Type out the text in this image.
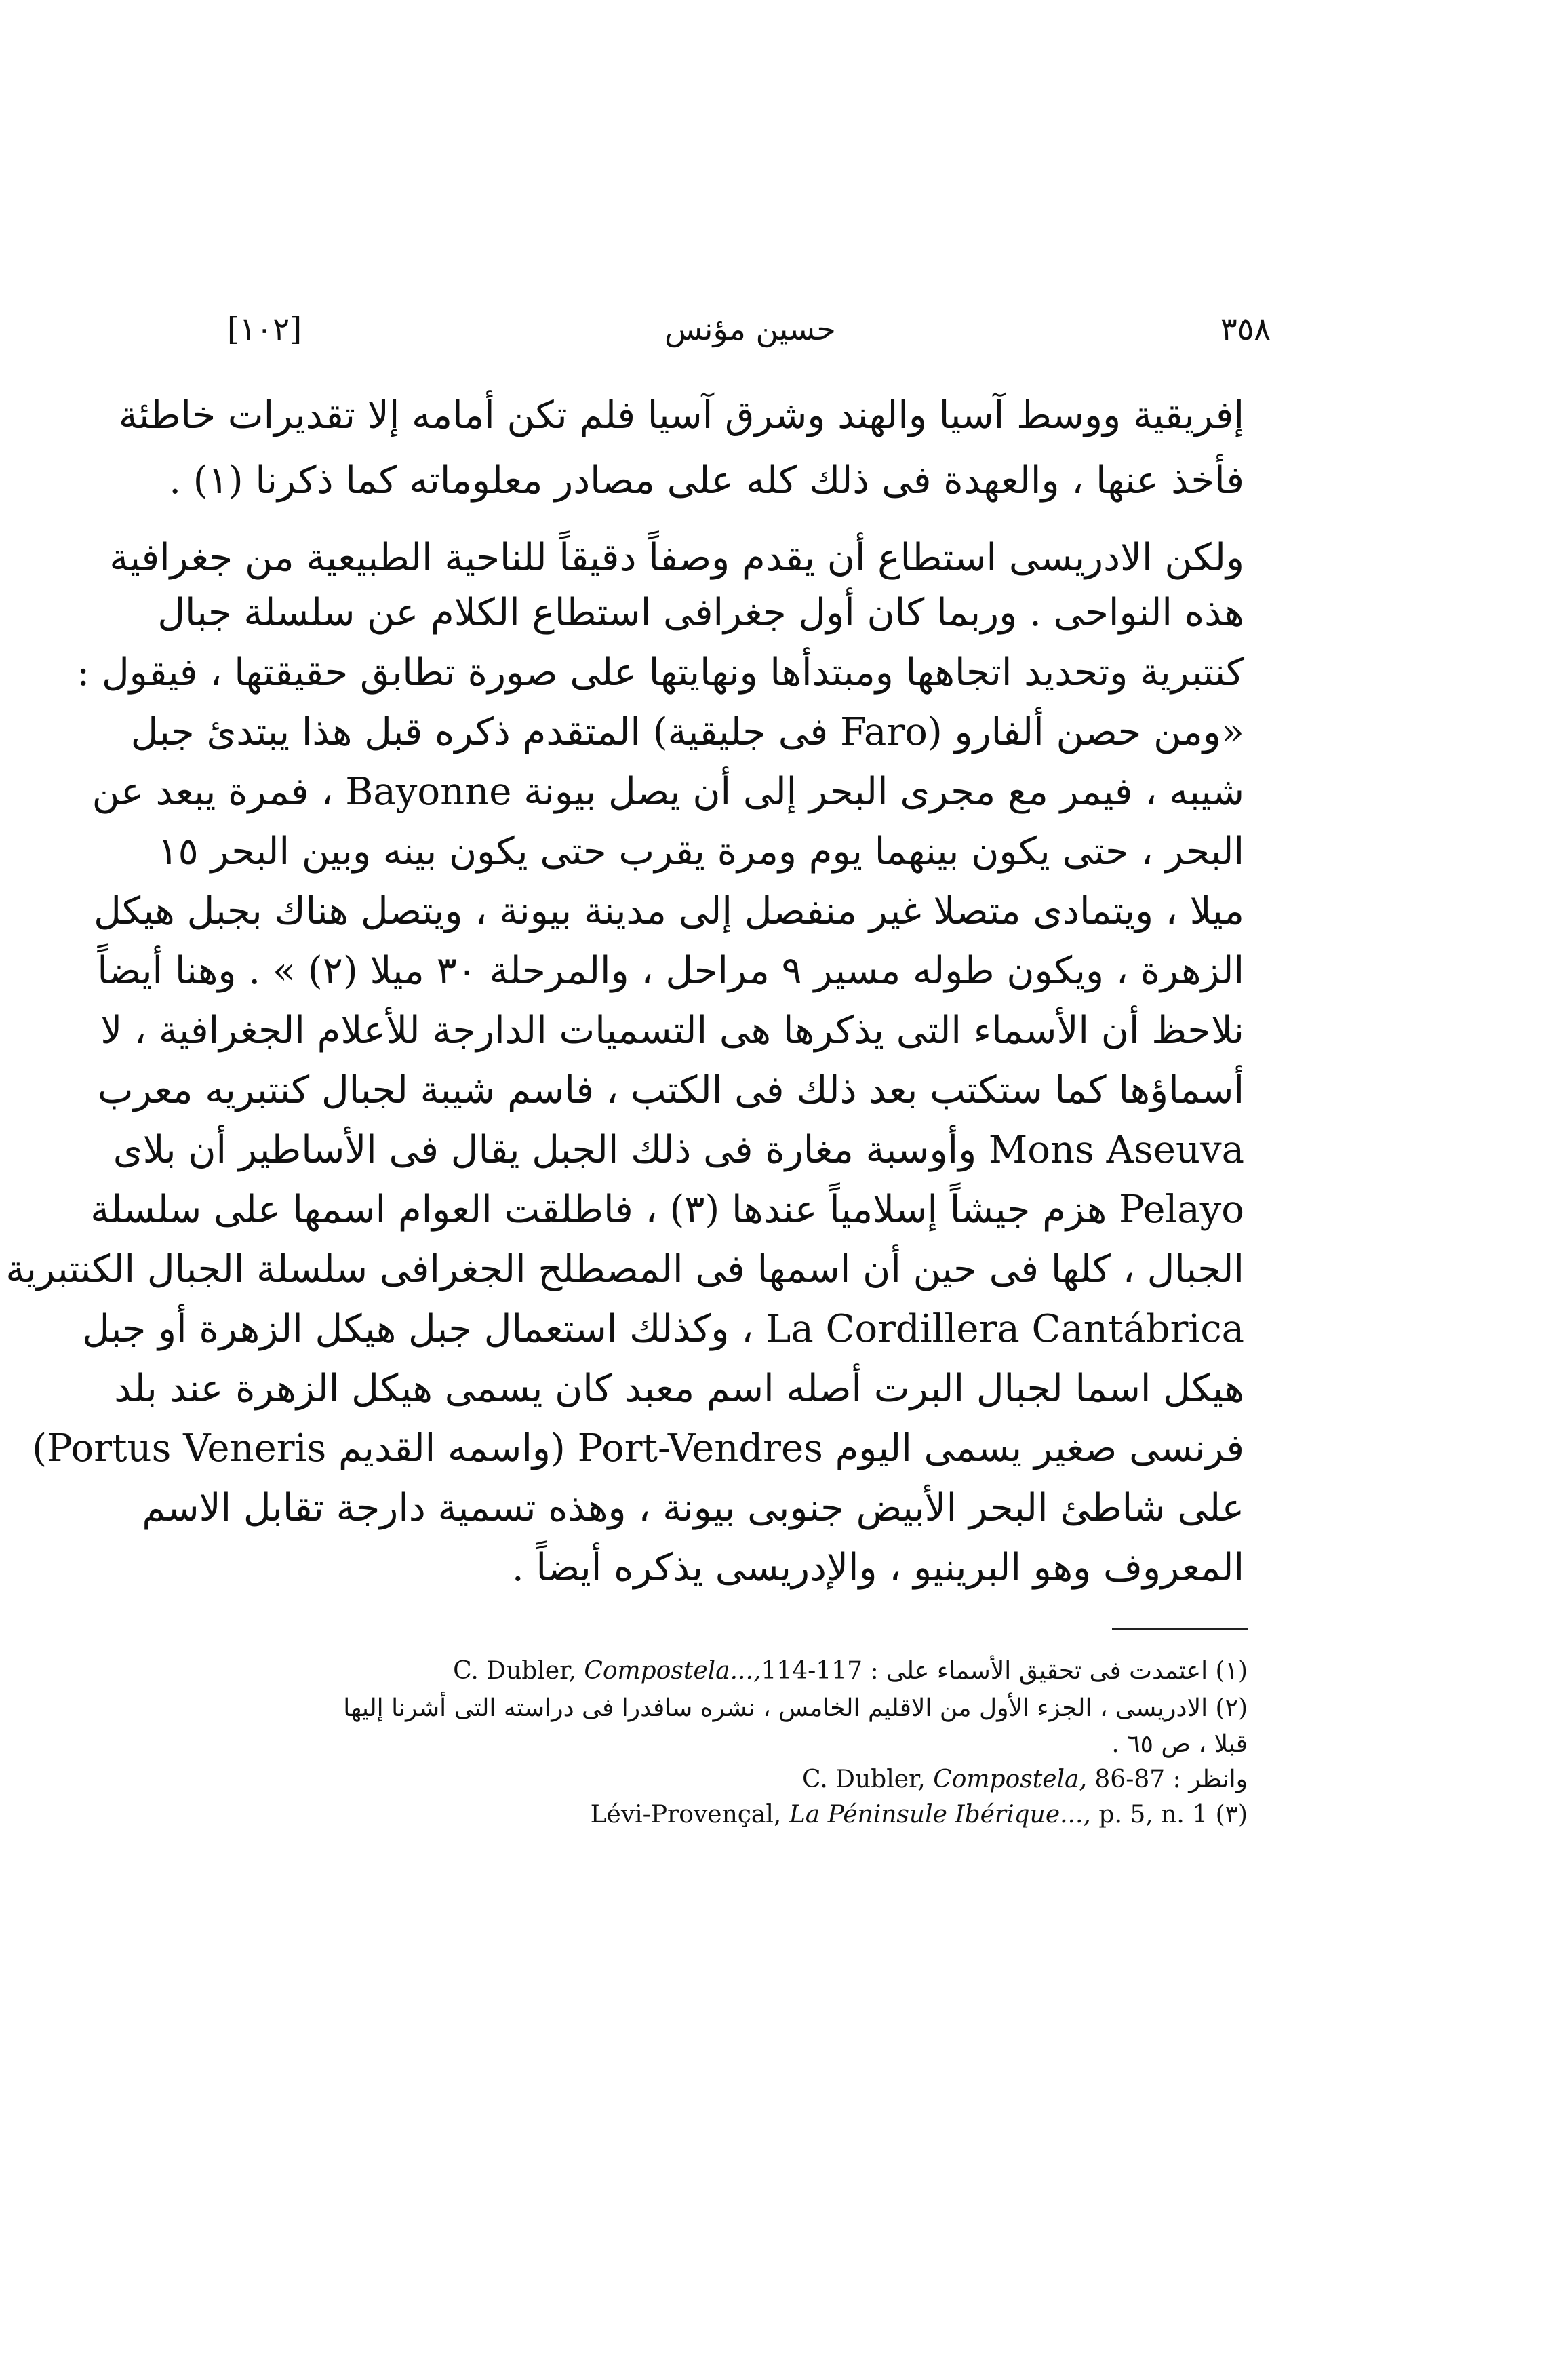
[١٠٢]	حسين مؤنس	٣٥٨
إفريقية ووسط آسيا والهند وشرق آسيا فلم تكن أمامه إلا تقديرات خاطئة
فأخذ عنها ، والعهدة فى ذلك كله على مصادر معلوماته كما ذكرنا (١) .
ولكن الادريسى استطاع أن يقدم وصفاً دقيقاً للناحية الطبيعية من جغرافية
هذه النواحى . وربما كان أول جغرافى استطاع الكلام عن سلسلة جبال
كنتبرية وتحديد اتجاهها ومبتدأها ونهايتها على صورة تطابق حقيقتها ، فيقول :
«ومن حصن ألفارو (Faro فى جليقية) المتقدم ذكره قبل هذا يبتدئ جبل
شيبه ، فيمر مع مجرى البحر إلى أن يصل بيونة Bayonne ، فمرة يبعد عن
البحر ، حتى يكون بينهما يوم ومرة يقرب حتى يكون بينه وبين البحر ١٥
ميلا ، ويتمادى متصلا غير منفصل إلى مدينة بيونة ، ويتصل هناك بجبل هيكل
الزهرة ، ويكون طوله مسير ٩ مراحل ، والمرحلة ٣٠ ميلا (٢) » . وهنا أيضاً
نلاحظ أن الأسماء التى يذكرها هى التسميات الدارجة للأعلام الجغرافية ، لا
أسماؤها كما ستكتب بعد ذلك فى الكتب ، فاسم شيبة لجبال كنتبريه معرب
Mons Aseuva وأوسبة مغارة فى ذلك الجبل يقال فى الأساطير أن بلاى
Pelayo هزم جيشاً إسلامياً عندها (٣) ، فاطلقت العوام اسمها على سلسلة
الجبال ، كلها فى حين أن اسمها فى المصطلح الجغرافى سلسلة الجبال الكنتبرية
La Cordillera Cantábrica ، وكذلك استعمال جبل هيكل الزهرة أو جبل
هيكل اسما لجبال البرت أصله اسم معبد كان يسمى هيكل الزهرة عند بلد
فرنسى صغير يسمى اليوم Port-Vendres (واسمه القديم Portus Veneris)
على شاطئ البحر الأبيض جنوبى بيونة ، وهذه تسمية دارجة تقابل الاسم
المعروف وهو البرينيو ، والإدريسى يذكره أيضاً .
(١) اعتمدت فى تحقيق الأسماء على : C. Dubler, Compostela...,114-117
(٢) الادريسى ، الجزء الأول من الاقليم الخامس ، نشره سافدرا فى دراسته التى أشرنا إليها
قبلا ، ص ٦٥ .
وانظر : C. Dubler, Compostela, 86-87
(٣) Lévi-Provençal, La Péninsule Ibérique..., p. 5, n. 1
